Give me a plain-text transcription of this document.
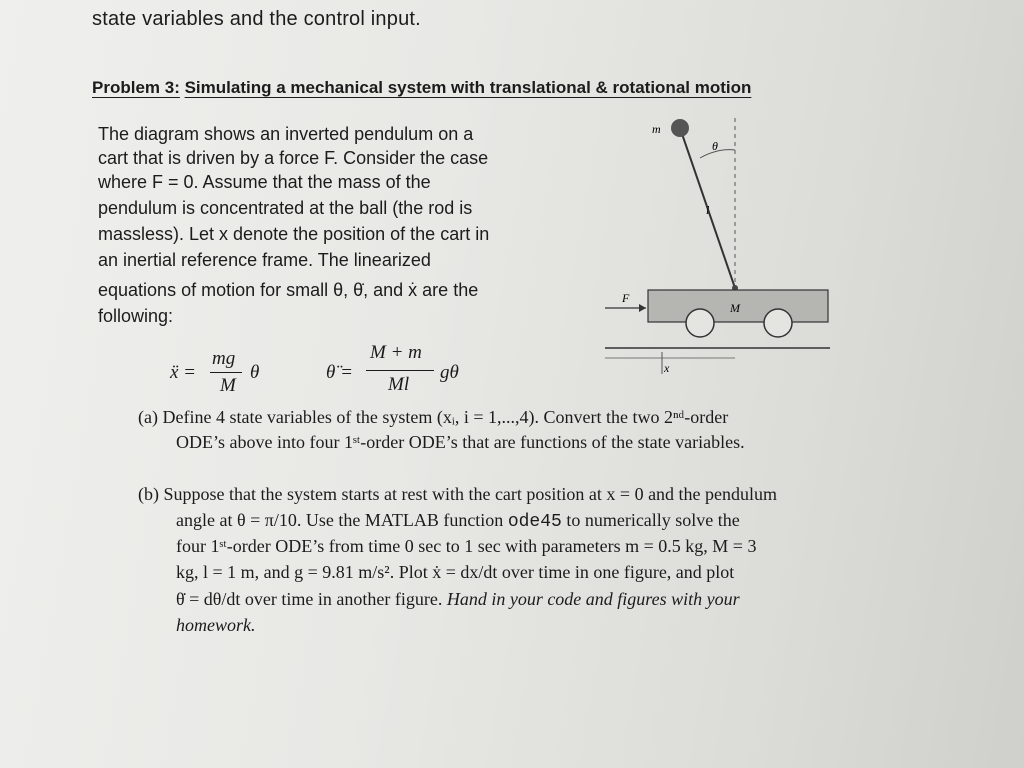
state variables and the control input.
Problem 3: Simulating a mechanical system with translational & rotational motion
The diagram shows an inverted pendulum on a
cart that is driven by a force F. Consider the case
where F = 0. Assume that the mass of the
pendulum is concentrated at the ball (the rod is
massless). Let x denote the position of the cart in
an inertial reference frame. The linearized
equations of motion for small θ, θ̇, and ẋ are the
following:
ẍ =
mg
M
θ	θ̈ =
M + m
Ml
gθ
m
θ
l
F
M
x
(a) Define 4 state variables of the system (xᵢ, i = 1,...,4). Convert the two 2ⁿᵈ-order
ODE’s above into four 1ˢᵗ-order ODE’s that are functions of the state variables.
(b) Suppose that the system starts at rest with the cart position at x = 0 and the pendulum
angle at θ = π/10. Use the MATLAB function ode45 to numerically solve the
four 1ˢᵗ-order ODE’s from time 0 sec to 1 sec with parameters m = 0.5 kg, M = 3
kg, l = 1 m, and g = 9.81 m/s². Plot ẋ = dx/dt over time in one figure, and plot
θ̇ = dθ/dt over time in another figure. Hand in your code and figures with your
homework.
